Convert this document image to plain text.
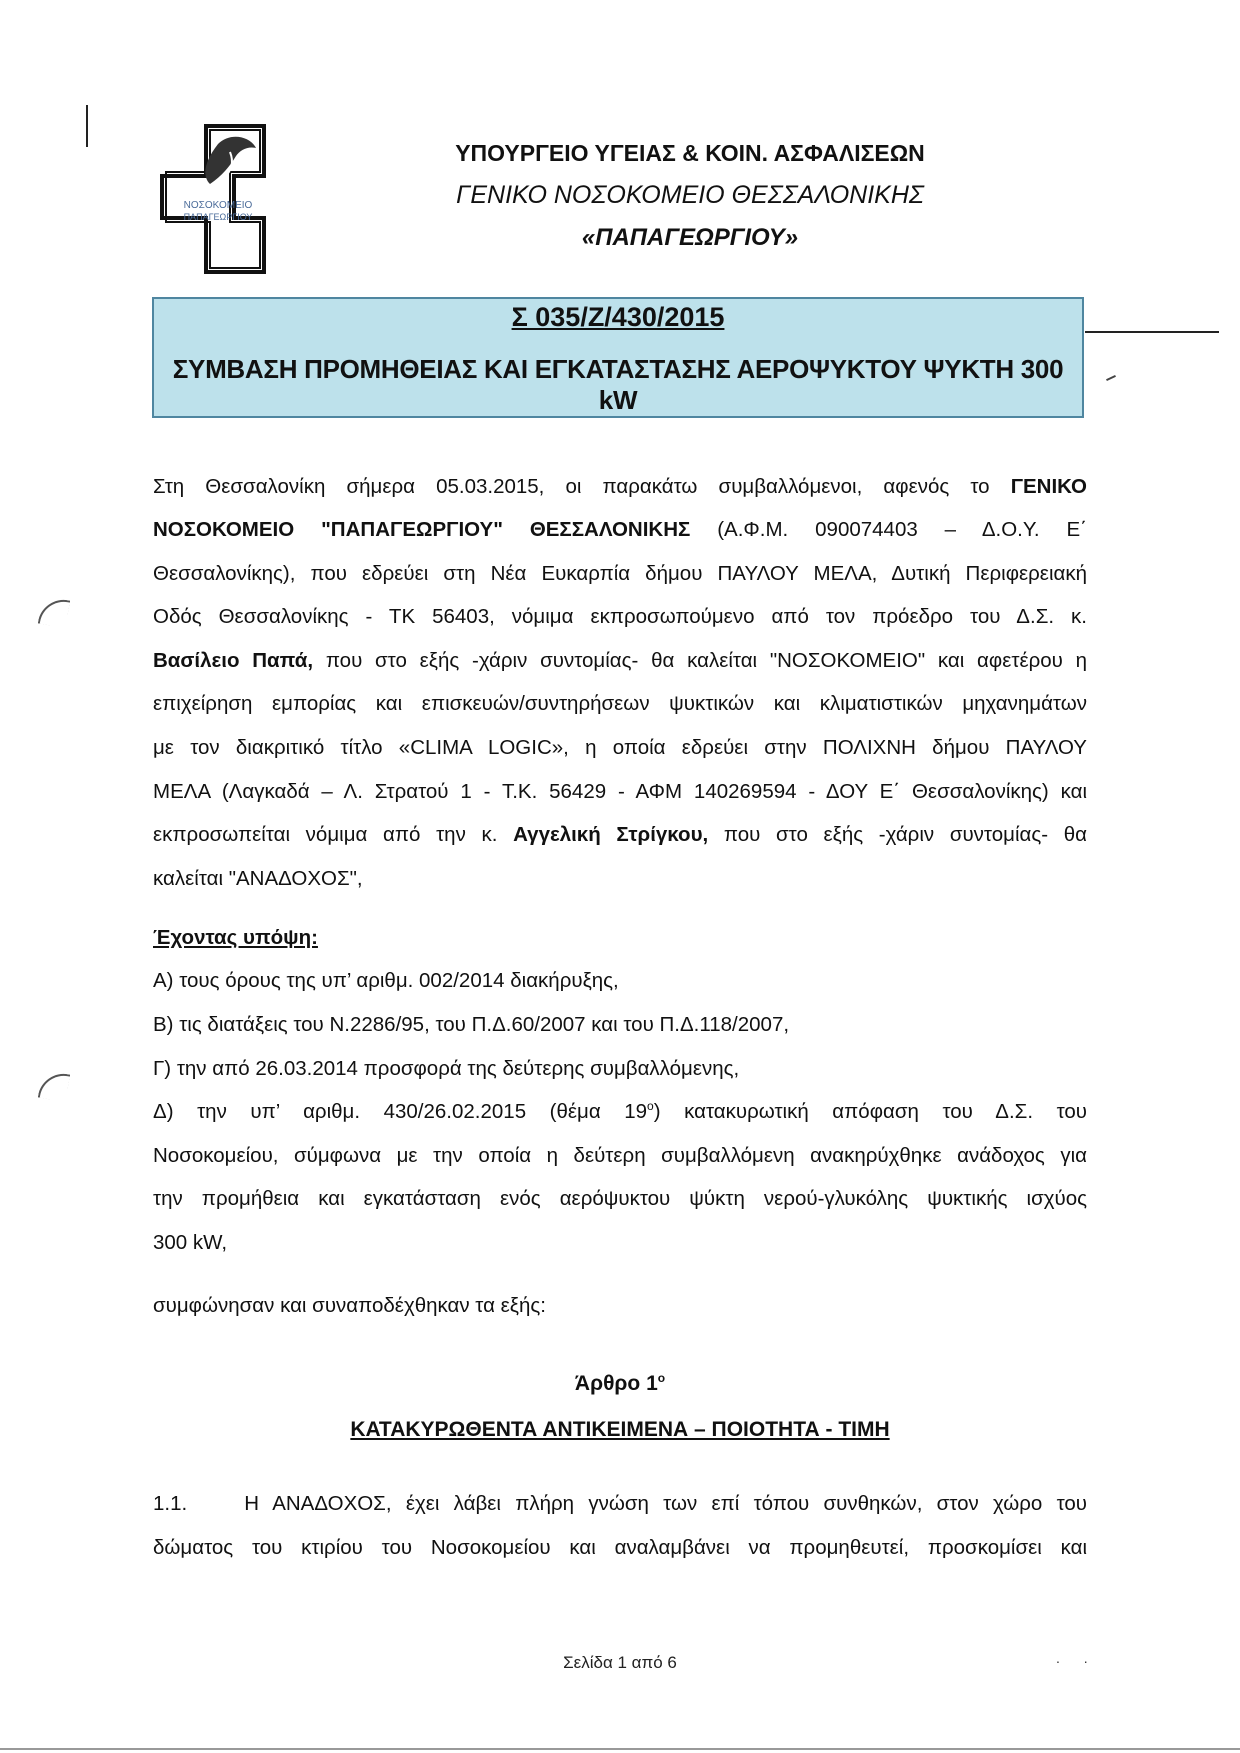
. .
ΝΟΣΟΚΟΜΕΙΟ
ΠΑΠΑΓΕΩΡΓΙΟΥ
ΥΠΟΥΡΓΕΙΟ ΥΓΕΙΑΣ & ΚΟΙΝ. ΑΣΦΑΛΙΣΕΩΝ
ΓΕΝΙΚΟ ΝΟΣΟΚΟΜΕΙΟ ΘΕΣΣΑΛΟΝΙΚΗΣ
«ΠΑΠΑΓΕΩΡΓΙΟΥ»
Σ 035/Ζ/430/2015
ΣΥΜΒΑΣΗ ΠΡΟΜΗΘΕΙΑΣ ΚΑΙ ΕΓΚΑΤΑΣΤΑΣΗΣ ΑΕΡΟΨΥΚΤΟΥ ΨΥΚΤΗ 300 kW
Στη Θεσσαλονίκη σήμερα 05.03.2015, οι παρακάτω συμβαλλόμενοι, αφενός το ΓΕΝΙΚΟ
ΝΟΣΟΚΟΜΕΙΟ "ΠΑΠΑΓΕΩΡΓΙΟΥ" ΘΕΣΣΑΛΟΝΙΚΗΣ (Α.Φ.Μ. 090074403 – Δ.Ο.Υ. Ε΄
Θεσσαλονίκης), που εδρεύει στη Νέα Ευκαρπία δήμου ΠΑΥΛΟΥ ΜΕΛΑ, Δυτική Περιφερειακή
Οδός Θεσσαλονίκης - ΤΚ 56403, νόμιμα εκπροσωπούμενο από τον πρόεδρο του Δ.Σ. κ.
Βασίλειο Παπά, που στο εξής -χάριν συντομίας- θα καλείται "ΝΟΣΟΚΟΜΕΙΟ" και αφετέρου η
επιχείρηση εμπορίας και επισκευών/συντηρήσεων ψυκτικών και κλιματιστικών μηχανημάτων
με τον διακριτικό τίτλο «CLIMA LOGIC», η οποία εδρεύει στην ΠΟΛΙΧΝΗ δήμου ΠΑΥΛΟΥ
ΜΕΛΑ (Λαγκαδά – Λ. Στρατού 1 - Τ.Κ. 56429 - ΑΦΜ 140269594 - ΔΟΥ Ε΄ Θεσσαλονίκης) και
εκπροσωπείται νόμιμα από την κ. Αγγελική Στρίγκου, που στο εξής -χάριν συντομίας- θα
καλείται "ΑΝΑΔΟΧΟΣ",
Έχοντας υπόψη:
Α) τους όρους της υπ’ αριθμ. 002/2014 διακήρυξης,
Β) τις διατάξεις του Ν.2286/95, του Π.Δ.60/2007 και του Π.Δ.118/2007,
Γ) την από 26.03.2014 προσφορά της δεύτερης συμβαλλόμενης,
Δ) την υπ’ αριθμ. 430/26.02.2015 (θέμα $19^o$) κατακυρωτική απόφαση του Δ.Σ. του
Νοσοκομείου, σύμφωνα με την οποία η δεύτερη συμβαλλόμενη ανακηρύχθηκε ανάδοχος για
την προμήθεια και εγκατάσταση ενός αερόψυκτου ψύκτη νερού-γλυκόλης ψυκτικής ισχύος
300 kW,
συμφώνησαν και συναποδέχθηκαν τα εξής:
Άρθρο $1^o$
ΚΑΤΑΚΥΡΩΘΕΝΤΑ ΑΝΤΙΚΕΙΜΕΝΑ – ΠΟΙΟΤΗΤΑ - ΤΙΜΗ
1.1.	Η ΑΝΑΔΟΧΟΣ, έχει λάβει πλήρη γνώση των επί τόπου συνθηκών, στον χώρο του
δώματος του κτιρίου του Νοσοκομείου και αναλαμβάνει να προμηθευτεί, προσκομίσει και
Σελίδα 1 από 6
